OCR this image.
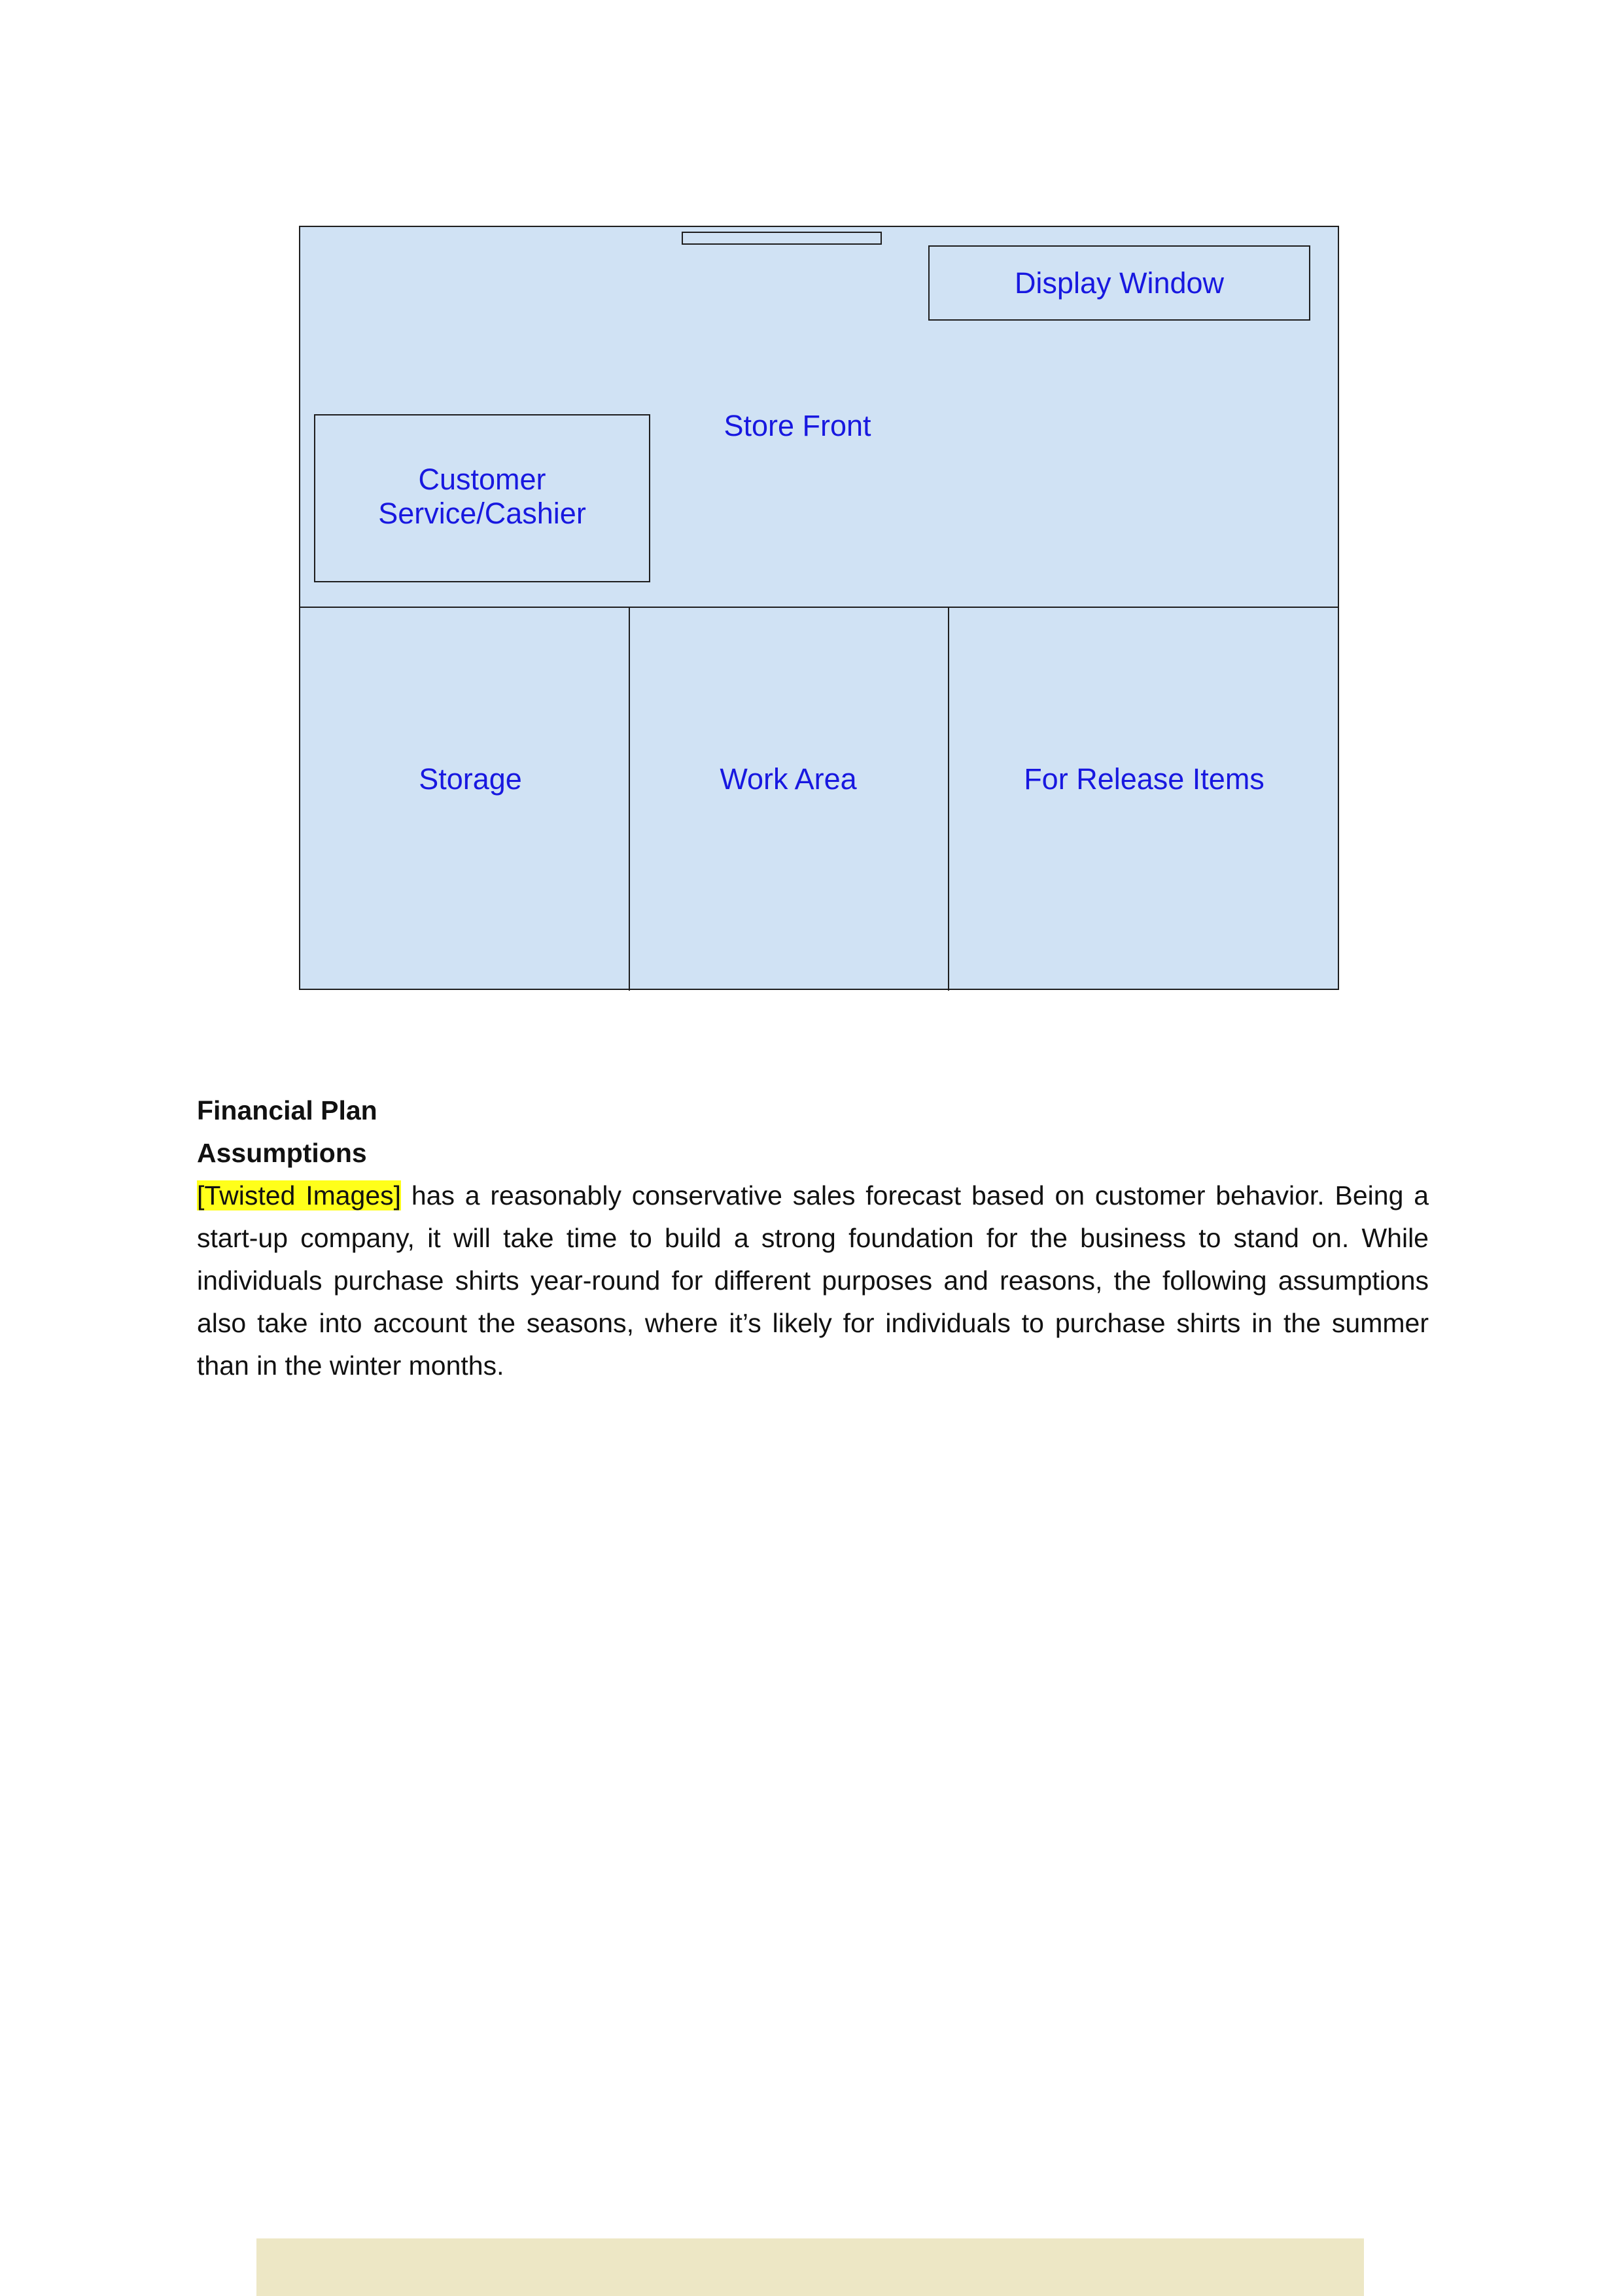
Display Window
Store Front
Customer
Service/Cashier
Storage	Work Area	For Release Items

Financial Plan

Assumptions

[Twisted Images] has a reasonably conservative sales forecast based on customer behavior. Being a start-up company, it will take time to build a strong foundation for the business to stand on. While individuals purchase shirts year-round for different purposes and reasons, the following assumptions also take into account the seasons, where it’s likely for individuals to purchase shirts in the summer than in the winter months.
